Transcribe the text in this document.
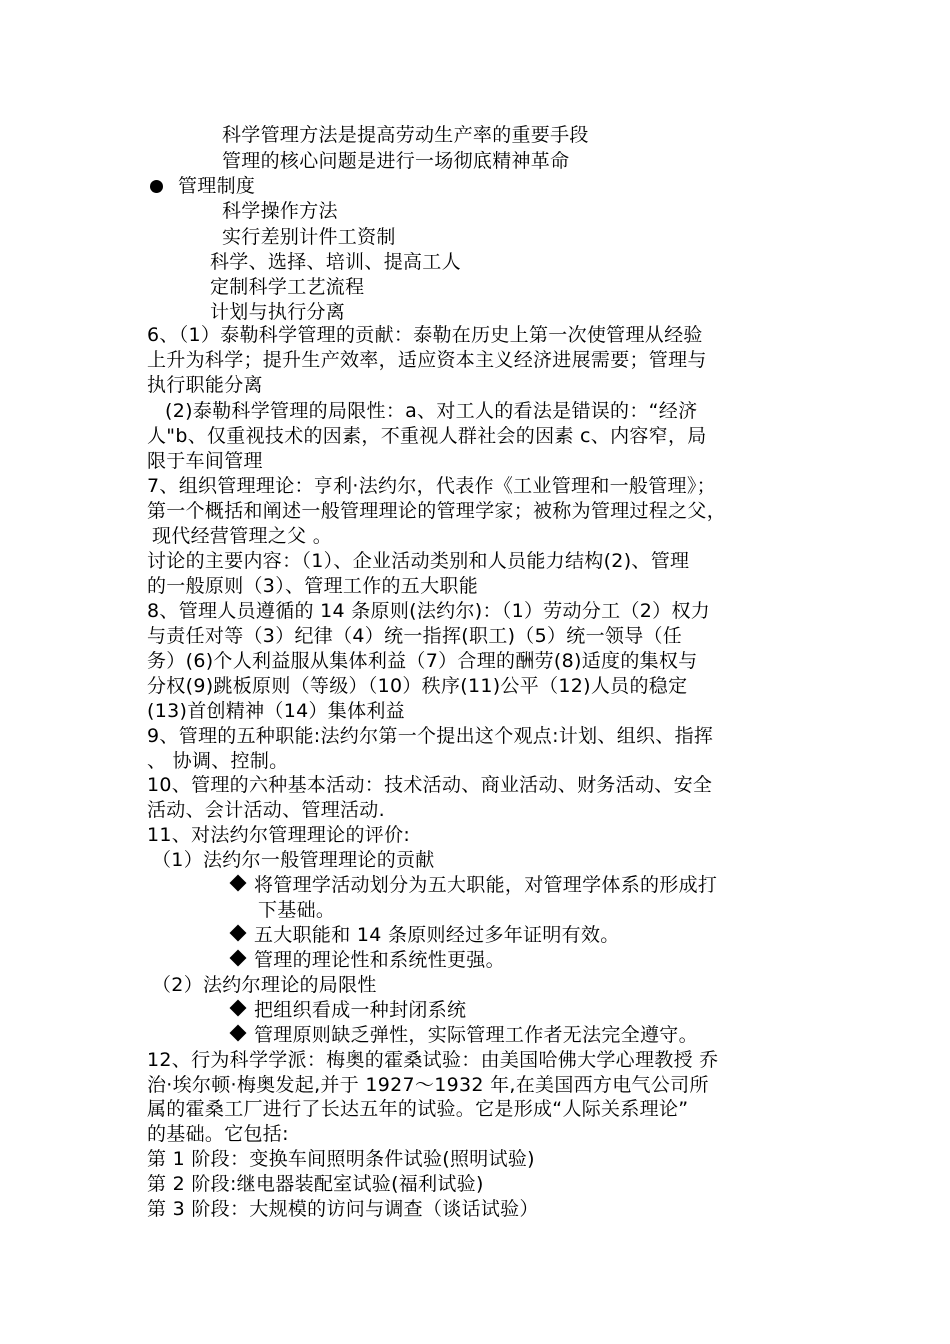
科学管理方法是提高劳动生产率的重要手段
管理的核心问题是进行一场彻底精神革命
管理制度
科学操作方法
实行差别计件工资制
科学、选择、培训、提高工人
定制科学工艺流程
计划与执行分离
6、（1）泰勒科学管理的贡献：泰勒在历史上第一次使管理从经验
上升为科学；提升生产效率，适应资本主义经济进展需要；管理与
执行职能分离
(2)泰勒科学管理的局限性：a、对工人的看法是错误的：“经济
人"b、仅重视技术的因素，不重视人群社会的因素 c、内容窄，局
限于车间管理
7、组织管理理论：亨利·法约尔，代表作《工业管理和一般管理》；
第一个概括和阐述一般管理理论的管理学家；被称为管理过程之父，
现代经营管理之父 。
讨论的主要内容：（1）、企业活动类别和人员能力结构(2)、管理
的一般原则（3）、管理工作的五大职能
8、管理人员遵循的 14 条原则(法约尔)：（1）劳动分工（2）权力
与责任对等（3）纪律（4）统一指挥(职工)（5）统一领导（任
务）(6)个人利益服从集体利益（7）合理的酬劳(8)适度的集权与
分权(9)跳板原则（等级）（10）秩序(11)公平（12)人员的稳定
(13)首创精神（14）集体利益
9、管理的五种职能:法约尔第一个提出这个观点:计划、组织、指挥
、 协调、控制。
10、管理的六种基本活动：技术活动、商业活动、财务活动、安全
活动、会计活动、管理活动.
11、对法约尔管理理论的评价:
（1）法约尔一般管理理论的贡献
将管理学活动划分为五大职能，对管理学体系的形成打
下基础。
五大职能和 14 条原则经过多年证明有效。
管理的理论性和系统性更强。
（2）法约尔理论的局限性
把组织看成一种封闭系统
管理原则缺乏弹性，实际管理工作者无法完全遵守。
12、行为科学学派：梅奥的霍桑试验：由美国哈佛大学心理教授 乔
治·埃尔顿·梅奥发起,并于 1927～1932 年,在美国西方电气公司所
属的霍桑工厂进行了长达五年的试验。它是形成“人际关系理论”
的基础。它包括:
第 1 阶段：变换车间照明条件试验(照明试验)
第 2 阶段:继电器装配室试验(福利试验)
第 3 阶段：大规模的访问与调查（谈话试验）
